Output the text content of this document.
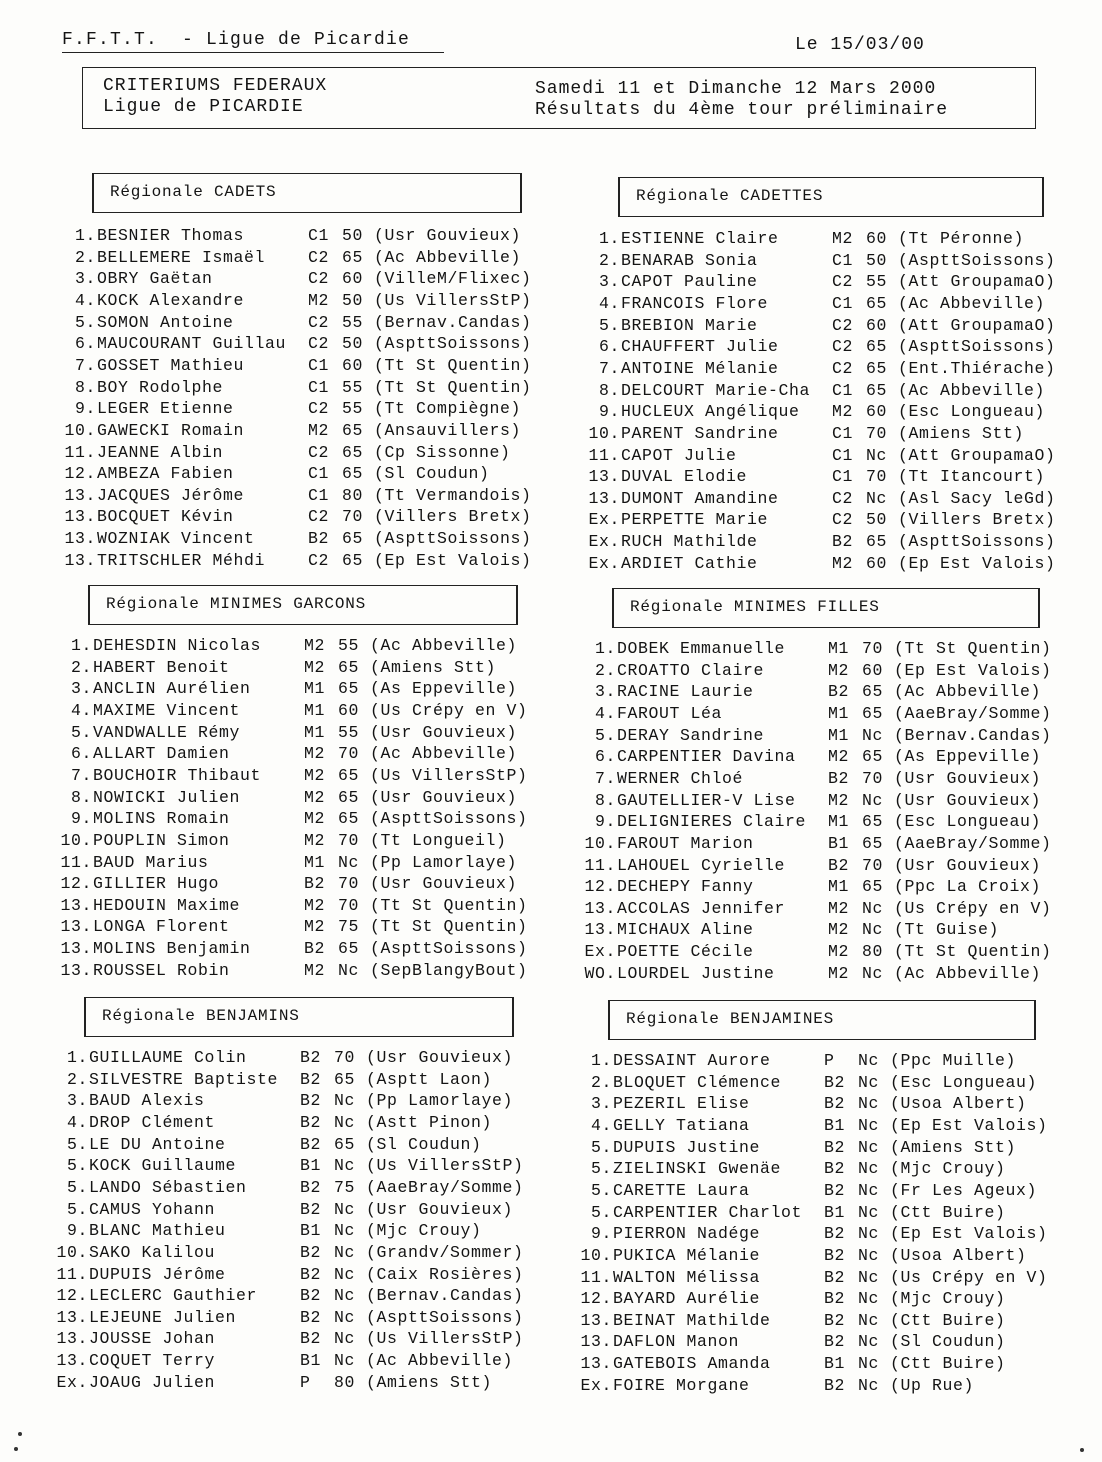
F.F.T.T.  - Ligue de Picardie	Le 15/03/00
CRITERIUMS FEDERAUX
Ligue de PICARDIE
Samedi 11 et Dimanche 12 Mars 2000
Résultats du 4ème tour préliminaire
Régionale CADETS
1. BESNIER Thomas	C1 50 (Usr Gouvieux)
2. BELLEMERE Ismaël	C2 65 (Ac Abbeville)
3. OBRY Gaëtan	C2 60 (VilleM/Flixec)
4. KOCK Alexandre	M2 50 (Us VillersStP)
5. SOMON Antoine	C2 55 (Bernav.Candas)
6. MAUCOURANT Guillau C2 50 (AspttSoissons)
7. GOSSET Mathieu	C1 60 (Tt St Quentin)
8. BOY Rodolphe	C1 55 (Tt St Quentin)
9. LEGER Etienne	C2 55 (Tt Compiègne)
10. GAWECKI Romain	M2 65 (Ansauvillers)
11. JEANNE Albin	C2 65 (Cp Sissonne)
12. AMBEZA Fabien	C1 65 (Sl Coudun)
13. JACQUES Jérôme	C1 80 (Tt Vermandois)
13. BOCQUET Kévin	C2 70 (Villers Bretx)
13. WOZNIAK Vincent	B2 65 (AspttSoissons)
13. TRITSCHLER Méhdi	C2 65 (Ep Est Valois)
Régionale CADETTES
1. ESTIENNE Claire	M2 60 (Tt Péronne)
2. BENARAB Sonia	C1 50 (AspttSoissons)
3. CAPOT Pauline	C2 55 (Att GroupamaO)
4. FRANCOIS Flore	C1 65 (Ac Abbeville)
5. BREBION Marie	C2 60 (Att GroupamaO)
6. CHAUFFERT Julie	C2 65 (AspttSoissons)
7. ANTOINE Mélanie	C2 65 (Ent.Thiérache)
8. DELCOURT Marie-Cha C1 65 (Ac Abbeville)
9. HUCLEUX Angélique M2 60 (Esc Longueau)
10. PARENT Sandrine	C1 70 (Amiens Stt)
11. CAPOT Julie	C1 Nc (Att GroupamaO)
13. DUVAL Elodie	C1 70 (Tt Itancourt)
13. DUMONT Amandine	C2 Nc (Asl Sacy leGd)
Ex. PERPETTE Marie	C2 50 (Villers Bretx)
Ex. RUCH Mathilde	B2 65 (AspttSoissons)
Ex. ARDIET Cathie	M2 60 (Ep Est Valois)
Régionale MINIMES GARCONS
1. DEHESDIN Nicolas	M2 55 (Ac Abbeville)
2. HABERT Benoit	M2 65 (Amiens Stt)
3. ANCLIN Aurélien	M1 65 (As Eppeville)
4. MAXIME Vincent	M1 60 (Us Crépy en V)
5. VANDWALLE Rémy	M1 55 (Usr Gouvieux)
6. ALLART Damien	M2 70 (Ac Abbeville)
7. BOUCHOIR Thibaut	M2 65 (Us VillersStP)
8. NOWICKI Julien	M2 65 (Usr Gouvieux)
9. MOLINS Romain	M2 65 (AspttSoissons)
10. POUPLIN Simon	M2 70 (Tt Longueil)
11. BAUD Marius	M1 Nc (Pp Lamorlaye)
12. GILLIER Hugo	B2 70 (Usr Gouvieux)
13. HEDOUIN Maxime	M2 70 (Tt St Quentin)
13. LONGA Florent	M2 75 (Tt St Quentin)
13. MOLINS Benjamin	B2 65 (AspttSoissons)
13. ROUSSEL Robin	M2 Nc (SepBlangyBout)
Régionale MINIMES FILLES
1. DOBEK Emmanuelle	M1 70 (Tt St Quentin)
2. CROATTO Claire	M2 60 (Ep Est Valois)
3. RACINE Laurie	B2 65 (Ac Abbeville)
4. FAROUT Léa	M1 65 (AaeBray/Somme)
5. DERAY Sandrine	M1 Nc (Bernav.Candas)
6. CARPENTIER Davina M2 65 (As Eppeville)
7. WERNER Chloé	B2 70 (Usr Gouvieux)
8. GAUTELLIER-V Lise M2 Nc (Usr Gouvieux)
9. DELIGNIERES Claire M1 65 (Esc Longueau)
10. FAROUT Marion	B1 65 (AaeBray/Somme)
11. LAHOUEL Cyrielle	B2 70 (Usr Gouvieux)
12. DECHEPY Fanny	M1 65 (Ppc La Croix)
13. ACCOLAS Jennifer	M2 Nc (Us Crépy en V)
13. MICHAUX Aline	M2 Nc (Tt Guise)
Ex. POETTE Cécile	M2 80 (Tt St Quentin)
WO. LOURDEL Justine	M2 Nc (Ac Abbeville)
Régionale BENJAMINS
1. GUILLAUME Colin	B2 70 (Usr Gouvieux)
2. SILVESTRE Baptiste B2 65 (Asptt Laon)
3. BAUD Alexis	B2 Nc (Pp Lamorlaye)
4. DROP Clément	B2 Nc (Astt Pinon)
5. LE DU Antoine	B2 65 (Sl Coudun)
5. KOCK Guillaume	B1 Nc (Us VillersStP)
5. LANDO Sébastien	B2 75 (AaeBray/Somme)
5. CAMUS Yohann	B2 Nc (Usr Gouvieux)
9. BLANC Mathieu	B1 Nc (Mjc Crouy)
10. SAKO Kalilou	B2 Nc (Grandv/Sommer)
11. DUPUIS Jérôme	B2 Nc (Caix Rosières)
12. LECLERC Gauthier	B2 Nc (Bernav.Candas)
13. LEJEUNE Julien	B2 Nc (AspttSoissons)
13. JOUSSE Johan	B2 Nc (Us VillersStP)
13. COQUET Terry	B1 Nc (Ac Abbeville)
Ex. JOAUG Julien	P 80 (Amiens Stt)
Régionale BENJAMINES
1. DESSAINT Aurore	P Nc (Ppc Muille)
2. BLOQUET Clémence	B2 Nc (Esc Longueau)
3. PEZERIL Elise	B2 Nc (Usoa Albert)
4. GELLY Tatiana	B1 Nc (Ep Est Valois)
5. DUPUIS Justine	B2 Nc (Amiens Stt)
5. ZIELINSKI Gwenäe	B2 Nc (Mjc Crouy)
5. CARETTE Laura	B2 Nc (Fr Les Ageux)
5. CARPENTIER Charlot B1 Nc (Ctt Buire)
9. PIERRON Nadége	B2 Nc (Ep Est Valois)
10. PUKICA Mélanie	B2 Nc (Usoa Albert)
11. WALTON Mélissa	B2 Nc (Us Crépy en V)
12. BAYARD Aurélie	B2 Nc (Mjc Crouy)
13. BEINAT Mathilde	B2 Nc (Ctt Buire)
13. DAFLON Manon	B2 Nc (Sl Coudun)
13. GATEBOIS Amanda	B1 Nc (Ctt Buire)
Ex. FOIRE Morgane	B2 Nc (Up Rue)
